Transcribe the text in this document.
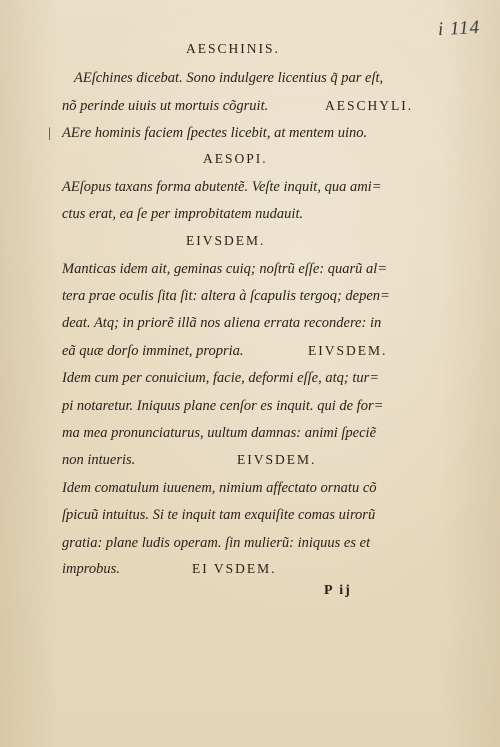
i 114
|
AESCHINIS.
AEſchines dicebat. Sono indulgere licentius q̃ par eſt,
nõ perinde uiuis ut mortuis cõgruit.	AESCHYLI.
AEre hominis faciem ſpectes licebit, at mentem uino.
AESOPI.
AEſopus taxans forma abutentẽ. Veſte inquit, qua ami=
ctus erat, ea ſe per improbitatem nudauit.
EIVSDEM.
Manticas idem ait, geminas cuiq; noſtrũ eſſe: quarũ al=
tera prae oculis ſita ſit: altera à ſcapulis tergoq; depen=
deat. Atq; in priorẽ illã nos aliena errata recondere: in
eã quæ dorſo imminet, propria.	EIVSDEM.
Idem cum per conuicium, facie, deformi eſſe, atq; tur=
pi notaretur. Iniquus plane cenſor es inquit. qui de for=
ma mea pronunciaturus, uultum damnas: animi ſpeciẽ
non intueris.	EIVSDEM.
Idem comatulum iuuenem, nimium affectato ornatu cõ
ſpicuũ intuitus. Si te inquit tam exquiſite comas uirorũ
gratia: plane ludis operam. ſin mulierũ: iniquus es et
improbus.	EI VSDEM.
P ij
